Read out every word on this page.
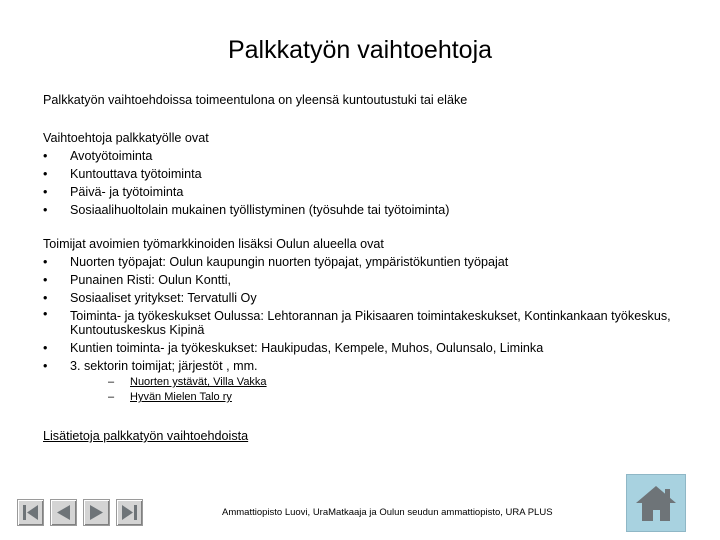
Palkkatyön vaihtoehtoja

Palkkatyön vaihtoehdoissa toimeentulona on yleensä kuntoutustuki tai eläke

Vaihtoehtoja palkkatyölle ovat

• Avotyötoiminta
• Kuntouttava työtoiminta
• Päivä- ja työtoiminta
• Sosiaalihuoltolain mukainen työllistyminen (työsuhde tai työtoiminta)

Toimijat avoimien työmarkkinoiden lisäksi Oulun alueella ovat

• Nuorten työpajat: Oulun kaupungin nuorten työpajat, ympäristökuntien työpajat
• Punainen Risti: Oulun Kontti,
• Sosiaaliset yritykset: Tervatulli Oy
• Toiminta- ja työkeskukset Oulussa: Lehtorannan ja Pikisaaren toimintakeskukset, Kontinkankaan työkeskus, Kuntoutuskeskus Kipinä
• Kuntien toiminta- ja työkeskukset: Haukipudas, Kempele, Muhos, Oulunsalo, Liminka
• 3. sektorin toimijat; järjestöt , mm.
– Nuorten ystävät, Villa Vakka
– Hyvän Mielen Talo ry
Lisätietoja palkkatyön vaihtoehdoista
Ammattiopisto Luovi, UraMatkaaja ja Oulun seudun ammattiopisto, URA PLUS
